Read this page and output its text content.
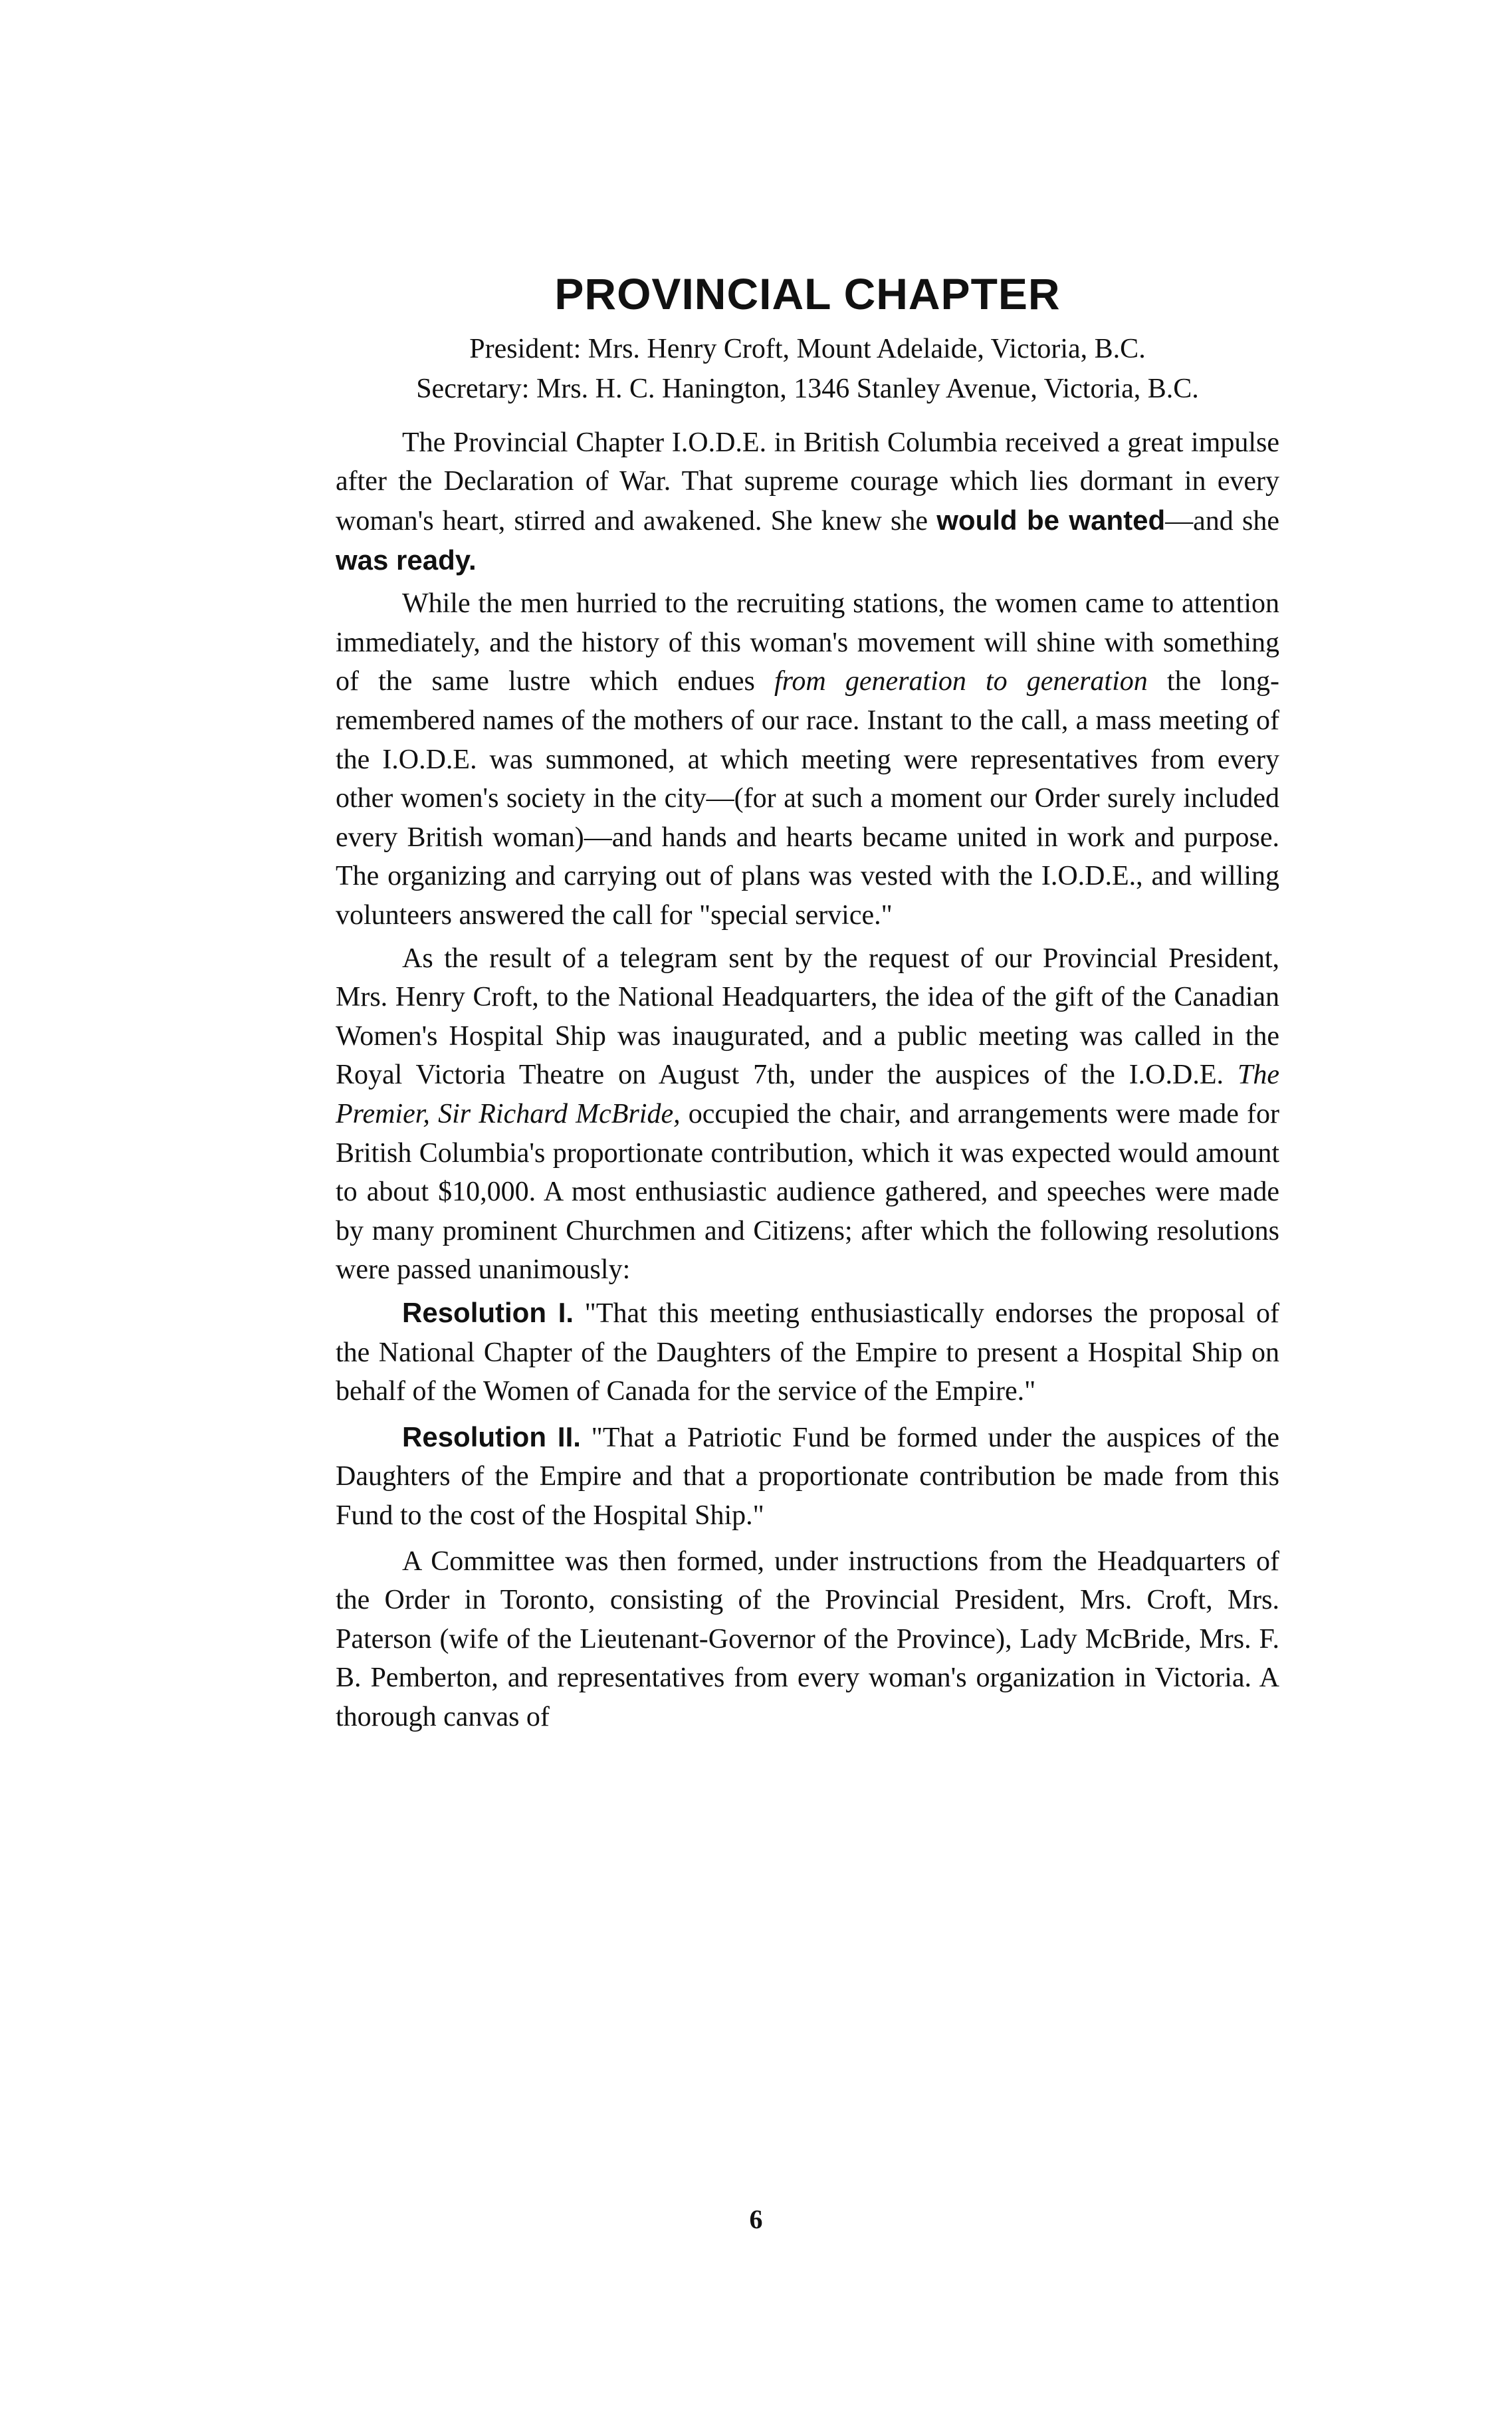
PROVINCIAL CHAPTER

President: Mrs. Henry Croft, Mount Adelaide, Victoria, B.C.

Secretary: Mrs. H. C. Hanington, 1346 Stanley Avenue, Victoria, B.C.

The Provincial Chapter I.O.D.E. in British Columbia received a great impulse after the Declaration of War. That supreme courage which lies dormant in every woman's heart, stirred and awakened. She knew she would be wanted—and she was ready.

While the men hurried to the recruiting stations, the women came to attention immediately, and the history of this woman's movement will shine with something of the same lustre which endues from generation to generation the long-remembered names of the mothers of our race. Instant to the call, a mass meeting of the I.O.D.E. was summoned, at which meeting were representatives from every other women's society in the city—(for at such a moment our Order surely included every British woman)—and hands and hearts became united in work and purpose. The organizing and carrying out of plans was vested with the I.O.D.E., and willing volunteers answered the call for "special service."

As the result of a telegram sent by the request of our Provincial President, Mrs. Henry Croft, to the National Headquarters, the idea of the gift of the Canadian Women's Hospital Ship was inaugurated, and a public meeting was called in the Royal Victoria Theatre on August 7th, under the auspices of the I.O.D.E. The Premier, Sir Richard McBride, occupied the chair, and arrangements were made for British Columbia's proportionate contribution, which it was expected would amount to about $10,000. A most enthusiastic audience gathered, and speeches were made by many prominent Churchmen and Citizens; after which the following resolutions were passed unanimously:

Resolution I. "That this meeting enthusiastically endorses the proposal of the National Chapter of the Daughters of the Empire to present a Hospital Ship on behalf of the Women of Canada for the service of the Empire."

Resolution II. "That a Patriotic Fund be formed under the auspices of the Daughters of the Empire and that a proportionate contribution be made from this Fund to the cost of the Hospital Ship."

A Committee was then formed, under instructions from the Headquarters of the Order in Toronto, consisting of the Provincial President, Mrs. Croft, Mrs. Paterson (wife of the Lieutenant-Governor of the Province), Lady McBride, Mrs. F. B. Pemberton, and representatives from every woman's organization in Victoria. A thorough canvas of

6
